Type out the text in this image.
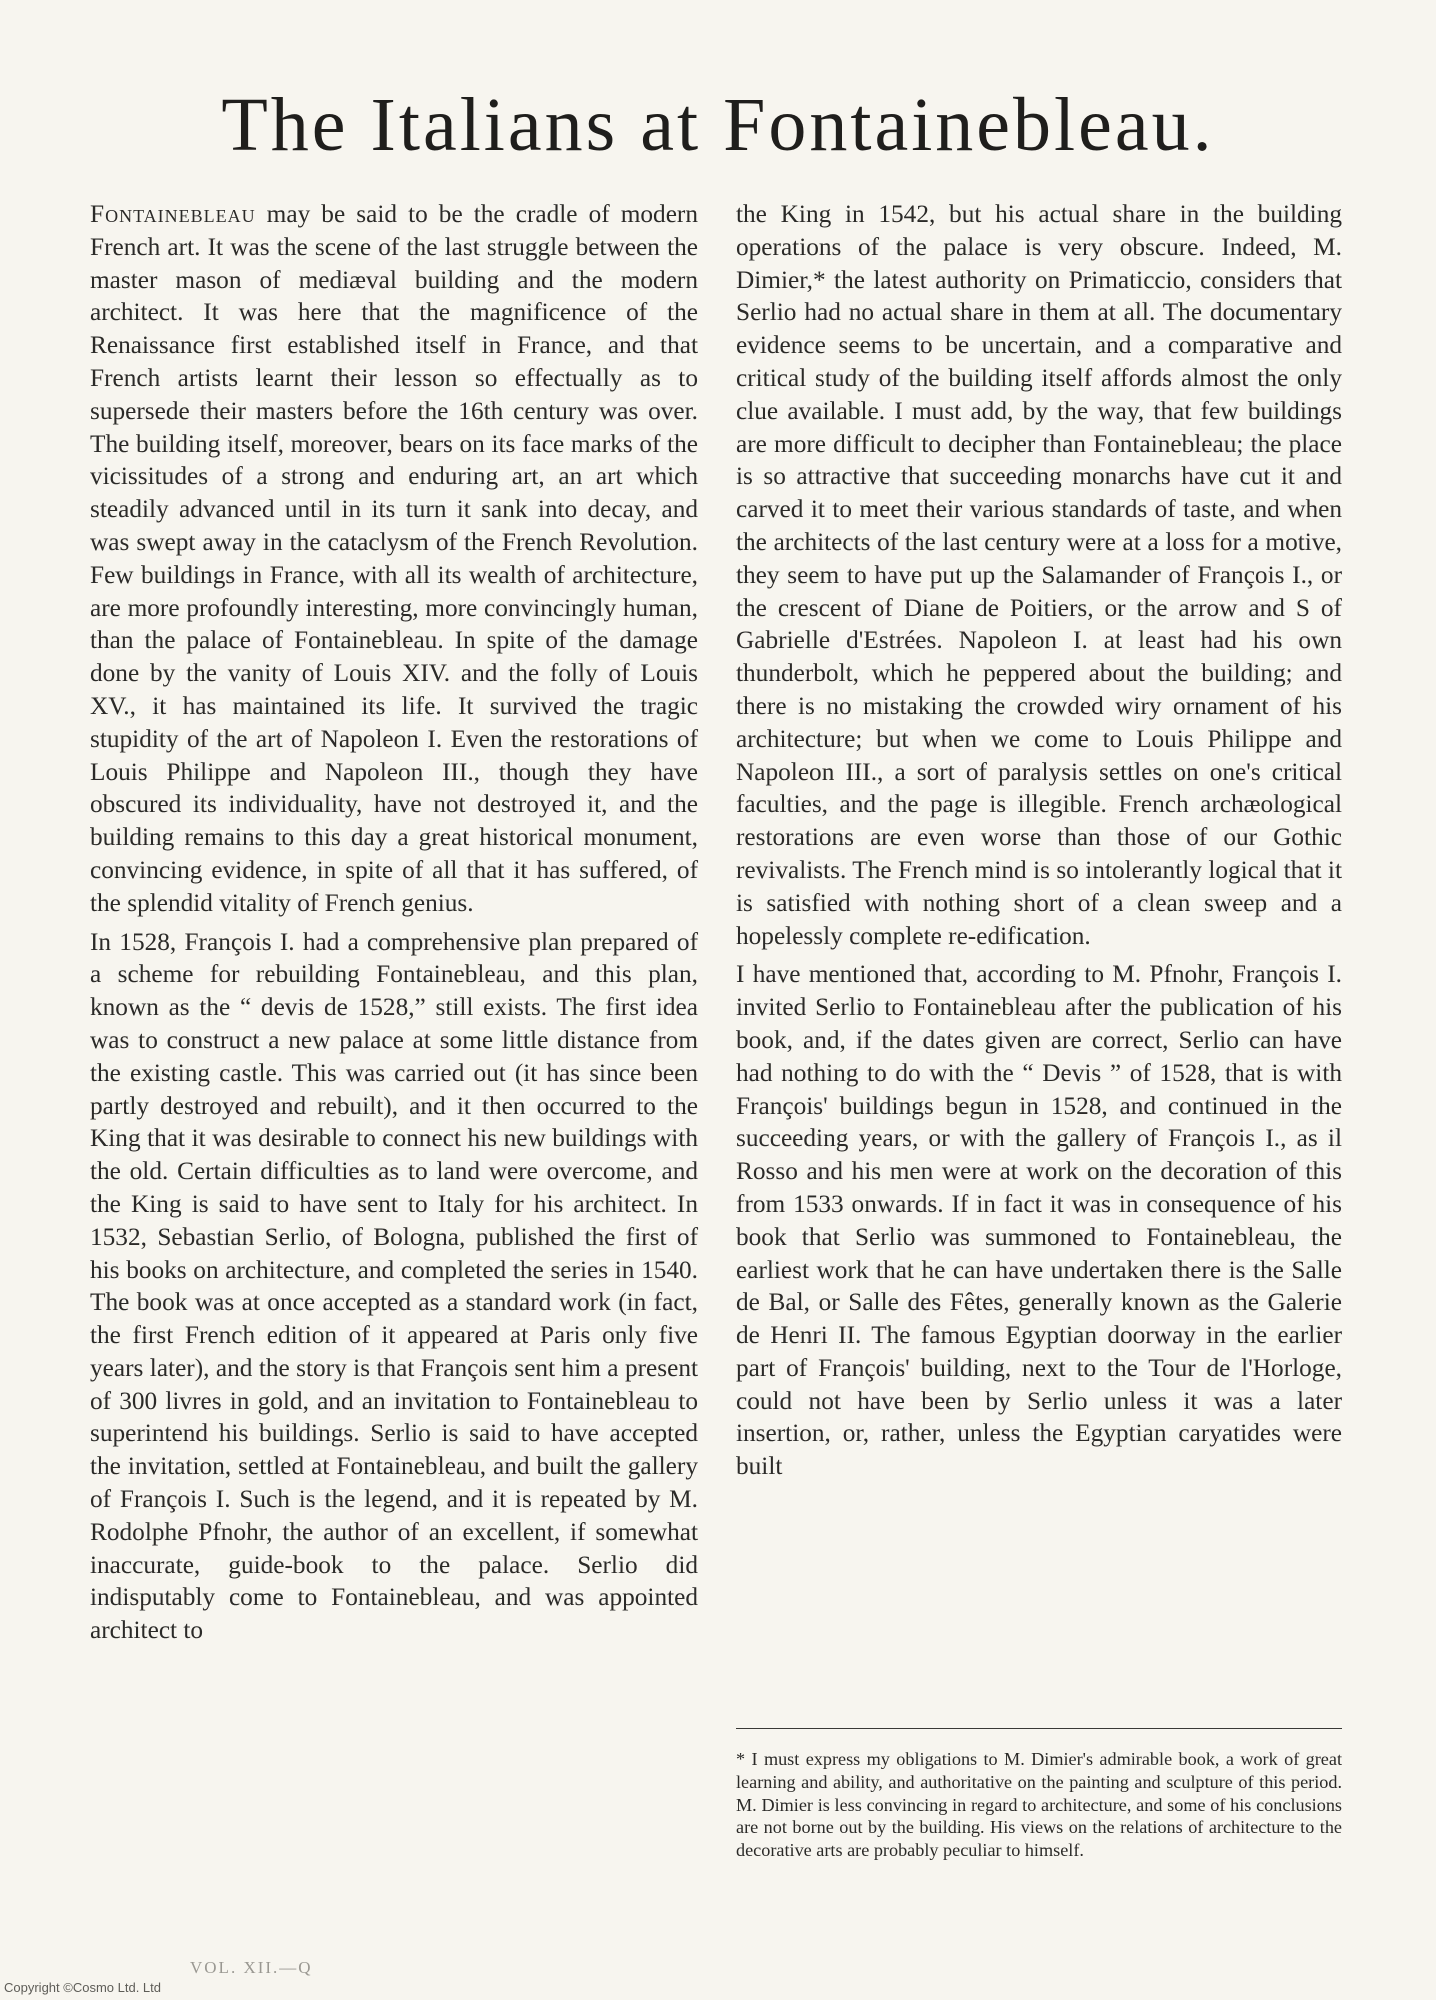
The Italians at Fontainebleau.

Fontainebleau may be said to be the cradle of modern French art. It was the scene of the last struggle between the master mason of mediæval building and the modern architect. It was here that the magnificence of the Renaissance first established itself in France, and that French artists learnt their lesson so effectually as to supersede their masters before the 16th century was over. The building itself, moreover, bears on its face marks of the vicissitudes of a strong and enduring art, an art which steadily advanced until in its turn it sank into decay, and was swept away in the cataclysm of the French Revolution. Few buildings in France, with all its wealth of architecture, are more profoundly interesting, more convincingly human, than the palace of Fontainebleau. In spite of the damage done by the vanity of Louis XIV. and the folly of Louis XV., it has maintained its life. It survived the tragic stupidity of the art of Napoleon I. Even the restorations of Louis Philippe and Napoleon III., though they have obscured its individuality, have not destroyed it, and the building remains to this day a great historical monument, convincing evidence, in spite of all that it has suffered, of the splendid vitality of French genius.

In 1528, François I. had a comprehensive plan prepared of a scheme for rebuilding Fontainebleau, and this plan, known as the “ devis de 1528,” still exists. The first idea was to construct a new palace at some little distance from the existing castle. This was carried out (it has since been partly destroyed and rebuilt), and it then occurred to the King that it was desirable to connect his new buildings with the old. Certain difficulties as to land were overcome, and the King is said to have sent to Italy for his architect. In 1532, Sebastian Serlio, of Bologna, published the first of his books on architecture, and completed the series in 1540. The book was at once accepted as a standard work (in fact, the first French edition of it appeared at Paris only five years later), and the story is that François sent him a present of 300 livres in gold, and an invitation to Fontainebleau to superintend his buildings. Serlio is said to have accepted the invitation, settled at Fontainebleau, and built the gallery of François I. Such is the legend, and it is repeated by M. Rodolphe Pfnohr, the author of an excellent, if somewhat inaccurate, guide-book to the palace. Serlio did indisputably come to Fontainebleau, and was appointed architect to

the King in 1542, but his actual share in the building operations of the palace is very obscure. Indeed, M. Dimier,* the latest authority on Primaticcio, considers that Serlio had no actual share in them at all. The documentary evidence seems to be uncertain, and a comparative and critical study of the building itself affords almost the only clue available. I must add, by the way, that few buildings are more difficult to decipher than Fontainebleau; the place is so attractive that succeeding monarchs have cut it and carved it to meet their various standards of taste, and when the architects of the last century were at a loss for a motive, they seem to have put up the Salamander of François I., or the crescent of Diane de Poitiers, or the arrow and S of Gabrielle d'Estrées. Napoleon I. at least had his own thunderbolt, which he peppered about the building; and there is no mistaking the crowded wiry ornament of his architecture; but when we come to Louis Philippe and Napoleon III., a sort of paralysis settles on one's critical faculties, and the page is illegible. French archæological restorations are even worse than those of our Gothic revivalists. The French mind is so intolerantly logical that it is satisfied with nothing short of a clean sweep and a hopelessly complete re-edification.

I have mentioned that, according to M. Pfnohr, François I. invited Serlio to Fontainebleau after the publication of his book, and, if the dates given are correct, Serlio can have had nothing to do with the “ Devis ” of 1528, that is with François' buildings begun in 1528, and continued in the succeeding years, or with the gallery of François I., as il Rosso and his men were at work on the decoration of this from 1533 onwards. If in fact it was in consequence of his book that Serlio was summoned to Fontainebleau, the earliest work that he can have undertaken there is the Salle de Bal, or Salle des Fêtes, generally known as the Galerie de Henri II. The famous Egyptian doorway in the earlier part of François' building, next to the Tour de l'Horloge, could not have been by Serlio unless it was a later insertion, or, rather, unless the Egyptian caryatides were built

* I must express my obligations to M. Dimier's admirable book, a work of great learning and ability, and authoritative on the painting and sculpture of this period. M. Dimier is less convincing in regard to architecture, and some of his conclusions are not borne out by the building. His views on the relations of architecture to the decorative arts are probably peculiar to himself.

VOL. XII.—Q
Copyright ©Cosmo Ltd. Ltd
